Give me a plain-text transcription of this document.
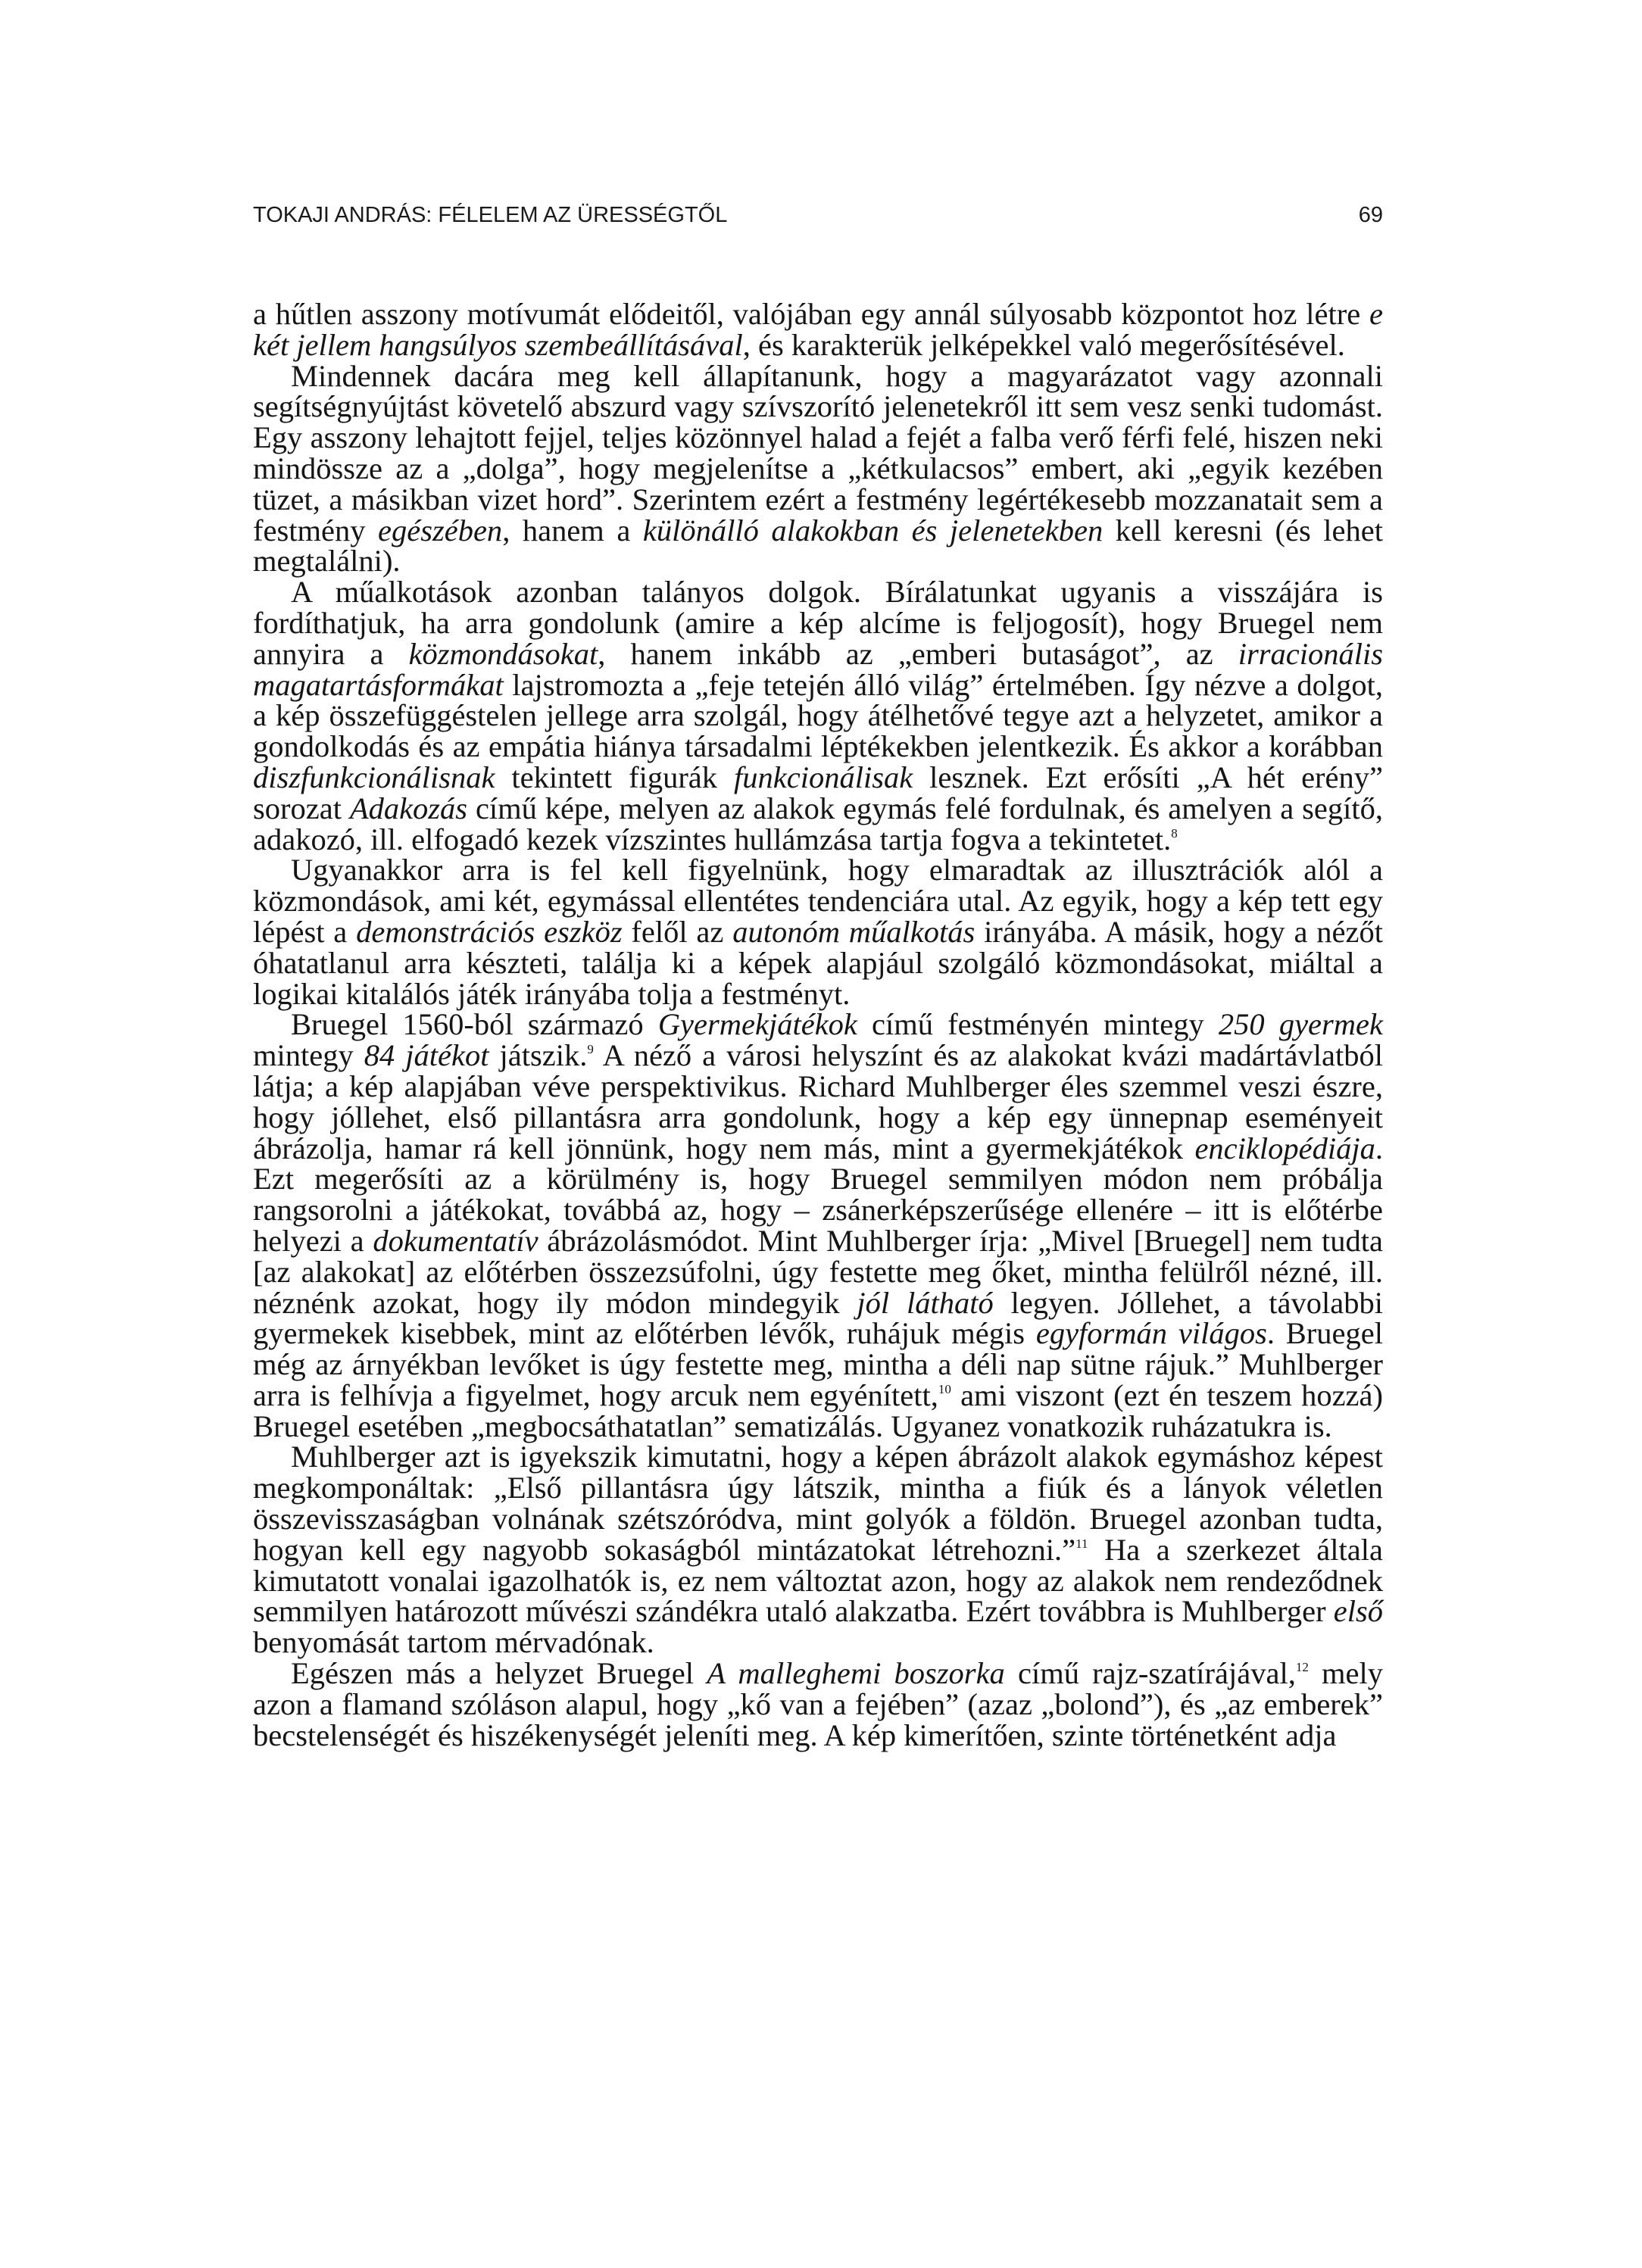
TOKAJI ANDRÁS: FÉLELEM AZ ÜRESSÉGTŐL	69

a hűtlen asszony motívumát elődeitől, valójában egy annál súlyosabb központot hoz létre e két jellem hangsúlyos szembeállításával, és karakterük jelképekkel való megerősítésével.

Mindennek dacára meg kell állapítanunk, hogy a magyarázatot vagy azonnali segítségnyújtást követelő abszurd vagy szívszorító jelenetekről itt sem vesz senki tudomást. Egy asszony lehajtott fejjel, teljes közönnyel halad a fejét a falba verő férfi felé, hiszen neki mindössze az a „dolga”, hogy megjelenítse a „kétkulacsos” embert, aki „egyik kezében tüzet, a másikban vizet hord”. Szerintem ezért a festmény legértékesebb mozzanatait sem a festmény egészében, hanem a különálló alakokban és jelenetekben kell keresni (és lehet megtalálni).

A műalkotások azonban talányos dolgok. Bírálatunkat ugyanis a visszájára is fordíthatjuk, ha arra gondolunk (amire a kép alcíme is feljogosít), hogy Bruegel nem annyira a közmondásokat, hanem inkább az „emberi butaságot”, az irracionális magatartásformákat lajstromozta a „feje tetején álló világ” értelmében. Így nézve a dolgot, a kép összefüggéstelen jellege arra szolgál, hogy átélhetővé tegye azt a helyzetet, amikor a gondolkodás és az empátia hiánya társadalmi léptékekben jelentkezik. És akkor a korábban diszfunkcionálisnak tekintett figurák funkcionálisak lesznek. Ezt erősíti „A hét erény” sorozat Adakozás című képe, melyen az alakok egymás felé fordulnak, és amelyen a segítő, adakozó, ill. elfogadó kezek vízszintes hullámzása tartja fogva a tekintetet.$^8$

Ugyanakkor arra is fel kell figyelnünk, hogy elmaradtak az illusztrációk alól a közmondások, ami két, egymással ellentétes tendenciára utal. Az egyik, hogy a kép tett egy lépést a demonstrációs eszköz felől az autonóm műalkotás irányába. A másik, hogy a nézőt óhatatlanul arra készteti, találja ki a képek alapjául szolgáló közmondásokat, miáltal a logikai kitalálós játék irányába tolja a festményt.

Bruegel 1560-ból származó Gyermekjátékok című festményén mintegy 250 gyermek mintegy 84 játékot játszik.$^9$ A néző a városi helyszínt és az alakokat kvázi madártávlatból látja; a kép alapjában véve perspektivikus. Richard Muhlberger éles szemmel veszi észre, hogy jóllehet, első pillantásra arra gondolunk, hogy a kép egy ünnepnap eseményeit ábrázolja, hamar rá kell jönnünk, hogy nem más, mint a gyermekjátékok enciklopédiája. Ezt megerősíti az a körülmény is, hogy Bruegel semmilyen módon nem próbálja rangsorolni a játékokat, továbbá az, hogy – zsánerképszerűsége ellenére – itt is előtérbe helyezi a dokumentatív ábrázolásmódot. Mint Muhlberger írja: „Mivel [Bruegel] nem tudta [az alakokat] az előtérben összezsúfolni, úgy festette meg őket, mintha felülről nézné, ill. néznénk azokat, hogy ily módon mindegyik jól látható legyen. Jóllehet, a távolabbi gyermekek kisebbek, mint az előtérben lévők, ruhájuk mégis egyformán világos. Bruegel még az árnyékban levőket is úgy festette meg, mintha a déli nap sütne rájuk.” Muhlberger arra is felhívja a figyelmet, hogy arcuk nem egyénített,$^{10}$ ami viszont (ezt én teszem hozzá) Bruegel esetében „megbocsáthatatlan” sematizálás. Ugyanez vonatkozik ruházatukra is.

Muhlberger azt is igyekszik kimutatni, hogy a képen ábrázolt alakok egymáshoz képest megkomponáltak: „Első pillantásra úgy látszik, mintha a fiúk és a lányok véletlen összevisszaságban volnának szétszóródva, mint golyók a földön. Bruegel azonban tudta, hogyan kell egy nagyobb sokaságból mintázatokat létrehozni.”$^{11}$ Ha a szerkezet általa kimutatott vonalai igazolhatók is, ez nem változtat azon, hogy az alakok nem rendeződnek semmilyen határozott művészi szándékra utaló alakzatba. Ezért továbbra is Muhlberger első benyomását tartom mérvadónak.

Egészen más a helyzet Bruegel A malleghemi boszorka című rajz-szatírájával,$^{12}$ mely azon a flamand szóláson alapul, hogy „kő van a fejében” (azaz „bolond”), és „az emberek” becstelenségét és hiszékenységét jeleníti meg. A kép kimerítően, szinte történetként adja
